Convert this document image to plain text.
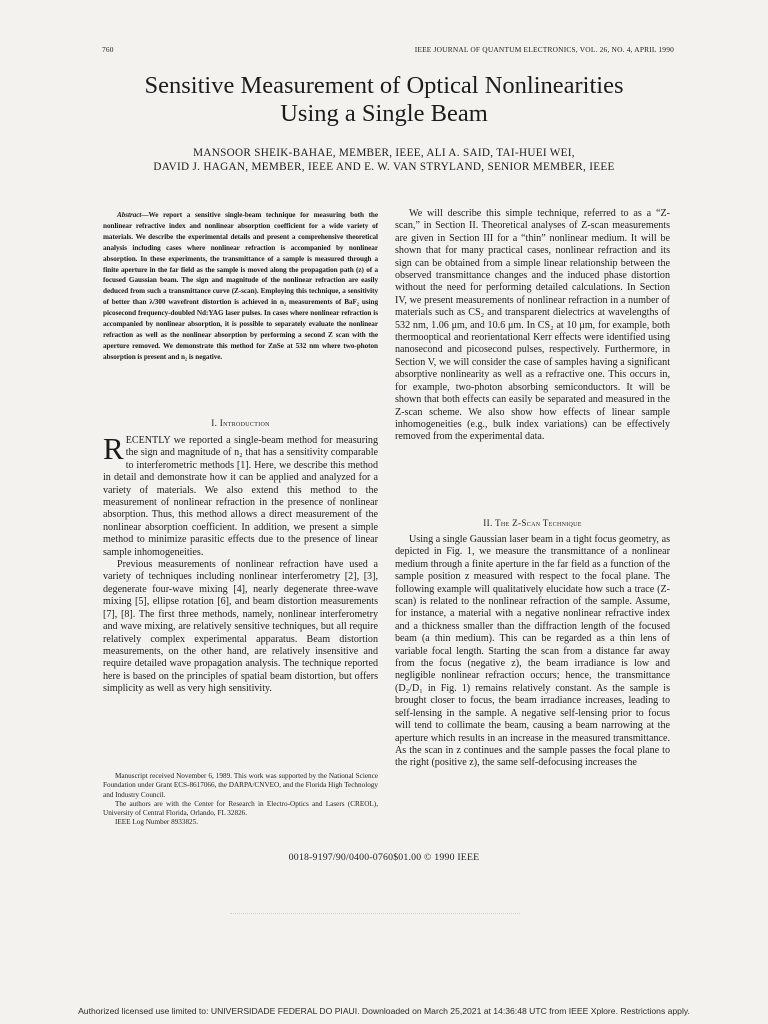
760	IEEE JOURNAL OF QUANTUM ELECTRONICS, VOL. 26, NO. 4, APRIL 1990
Sensitive Measurement of Optical Nonlinearities
Using a Single Beam
MANSOOR SHEIK-BAHAE, MEMBER, IEEE, ALI A. SAID, TAI-HUEI WEI,
DAVID J. HAGAN, MEMBER, IEEE AND E. W. VAN STRYLAND, SENIOR MEMBER, IEEE

Abstract—We report a sensitive single-beam technique for measuring both the nonlinear refractive index and nonlinear absorption coefficient for a wide variety of materials. We describe the experimental details and present a comprehensive theoretical analysis including cases where nonlinear refraction is accompanied by nonlinear absorption. In these experiments, the transmittance of a sample is measured through a finite aperture in the far field as the sample is moved along the propagation path (z) of a focused Gaussian beam. The sign and magnitude of the nonlinear refraction are easily deduced from such a transmittance curve (Z-scan). Employing this technique, a sensitivity of better than λ/300 wavefront distortion is achieved in n₂ measurements of BaF₂ using picosecond frequency-doubled Nd:YAG laser pulses. In cases where nonlinear refraction is accompanied by nonlinear absorption, it is possible to separately evaluate the nonlinear refraction as well as the nonlinear absorption by performing a second Z scan with the aperture removed. We demonstrate this method for ZnSe at 532 nm where two-photon absorption is present and n₂ is negative.

I. Introduction

RECENTLY we reported a single-beam method for measuring the sign and magnitude of n₂ that has a sensitivity comparable to interferometric methods [1]. Here, we describe this method in detail and demonstrate how it can be applied and analyzed for a variety of materials. We also extend this method to the measurement of nonlinear refraction in the presence of nonlinear absorption. Thus, this method allows a direct measurement of the nonlinear absorption coefficient. In addition, we present a simple method to minimize parasitic effects due to the presence of linear sample inhomogeneities.

Previous measurements of nonlinear refraction have used a variety of techniques including nonlinear interferometry [2], [3], degenerate four-wave mixing [4], nearly degenerate three-wave mixing [5], ellipse rotation [6], and beam distortion measurements [7], [8]. The first three methods, namely, nonlinear interferometry and wave mixing, are relatively sensitive techniques, but all require relatively complex experimental apparatus. Beam distortion measurements, on the other hand, are relatively insensitive and require detailed wave propagation analysis. The technique reported here is based on the principles of spatial beam distortion, but offers simplicity as well as very high sensitivity.

Manuscript received November 6, 1989. This work was supported by the National Science Foundation under Grant ECS-8617066, the DARPA/CNVEO, and the Florida High Technology and Industry Council.

The authors are with the Center for Research in Electro-Optics and Lasers (CREOL), University of Central Florida, Orlando, FL 32826.

IEEE Log Number 8933825.

We will describe this simple technique, referred to as a “Z-scan,” in Section II. Theoretical analyses of Z-scan measurements are given in Section III for a “thin” nonlinear medium. It will be shown that for many practical cases, nonlinear refraction and its sign can be obtained from a simple linear relationship between the observed transmittance changes and the induced phase distortion without the need for performing detailed calculations. In Section IV, we present measurements of nonlinear refraction in a number of materials such as CS₂ and transparent dielectrics at wavelengths of 532 nm, 1.06 μm, and 10.6 μm. In CS₂ at 10 μm, for example, both thermooptical and reorientational Kerr effects were identified using nanosecond and picosecond pulses, respectively. Furthermore, in Section V, we will consider the case of samples having a significant absorptive nonlinearity as well as a refractive one. This occurs in, for example, two-photon absorbing semiconductors. It will be shown that both effects can easily be separated and measured in the Z-scan scheme. We also show how effects of linear sample inhomogeneities (e.g., bulk index variations) can be effectively removed from the experimental data.

II. The Z-Scan Technique

Using a single Gaussian laser beam in a tight focus geometry, as depicted in Fig. 1, we measure the transmittance of a nonlinear medium through a finite aperture in the far field as a function of the sample position z measured with respect to the focal plane. The following example will qualitatively elucidate how such a trace (Z-scan) is related to the nonlinear refraction of the sample. Assume, for instance, a material with a negative nonlinear refractive index and a thickness smaller than the diffraction length of the focused beam (a thin medium). This can be regarded as a thin lens of variable focal length. Starting the scan from a distance far away from the focus (negative z), the beam irradiance is low and negligible nonlinear refraction occurs; hence, the transmittance (D₂/D₁ in Fig. 1) remains relatively constant. As the sample is brought closer to focus, the beam irradiance increases, leading to self-lensing in the sample. A negative self-lensing prior to focus will tend to collimate the beam, causing a beam narrowing at the aperture which results in an increase in the measured transmittance. As the scan in z continues and the sample passes the focal plane to the right (positive z), the same self-defocusing increases the

0018-9197/90/0400-0760$01.00 © 1990 IEEE
Authorized licensed use limited to: UNIVERSIDADE FEDERAL DO PIAUI. Downloaded on March 25,2021 at 14:36:48 UTC from IEEE Xplore. Restrictions apply.
